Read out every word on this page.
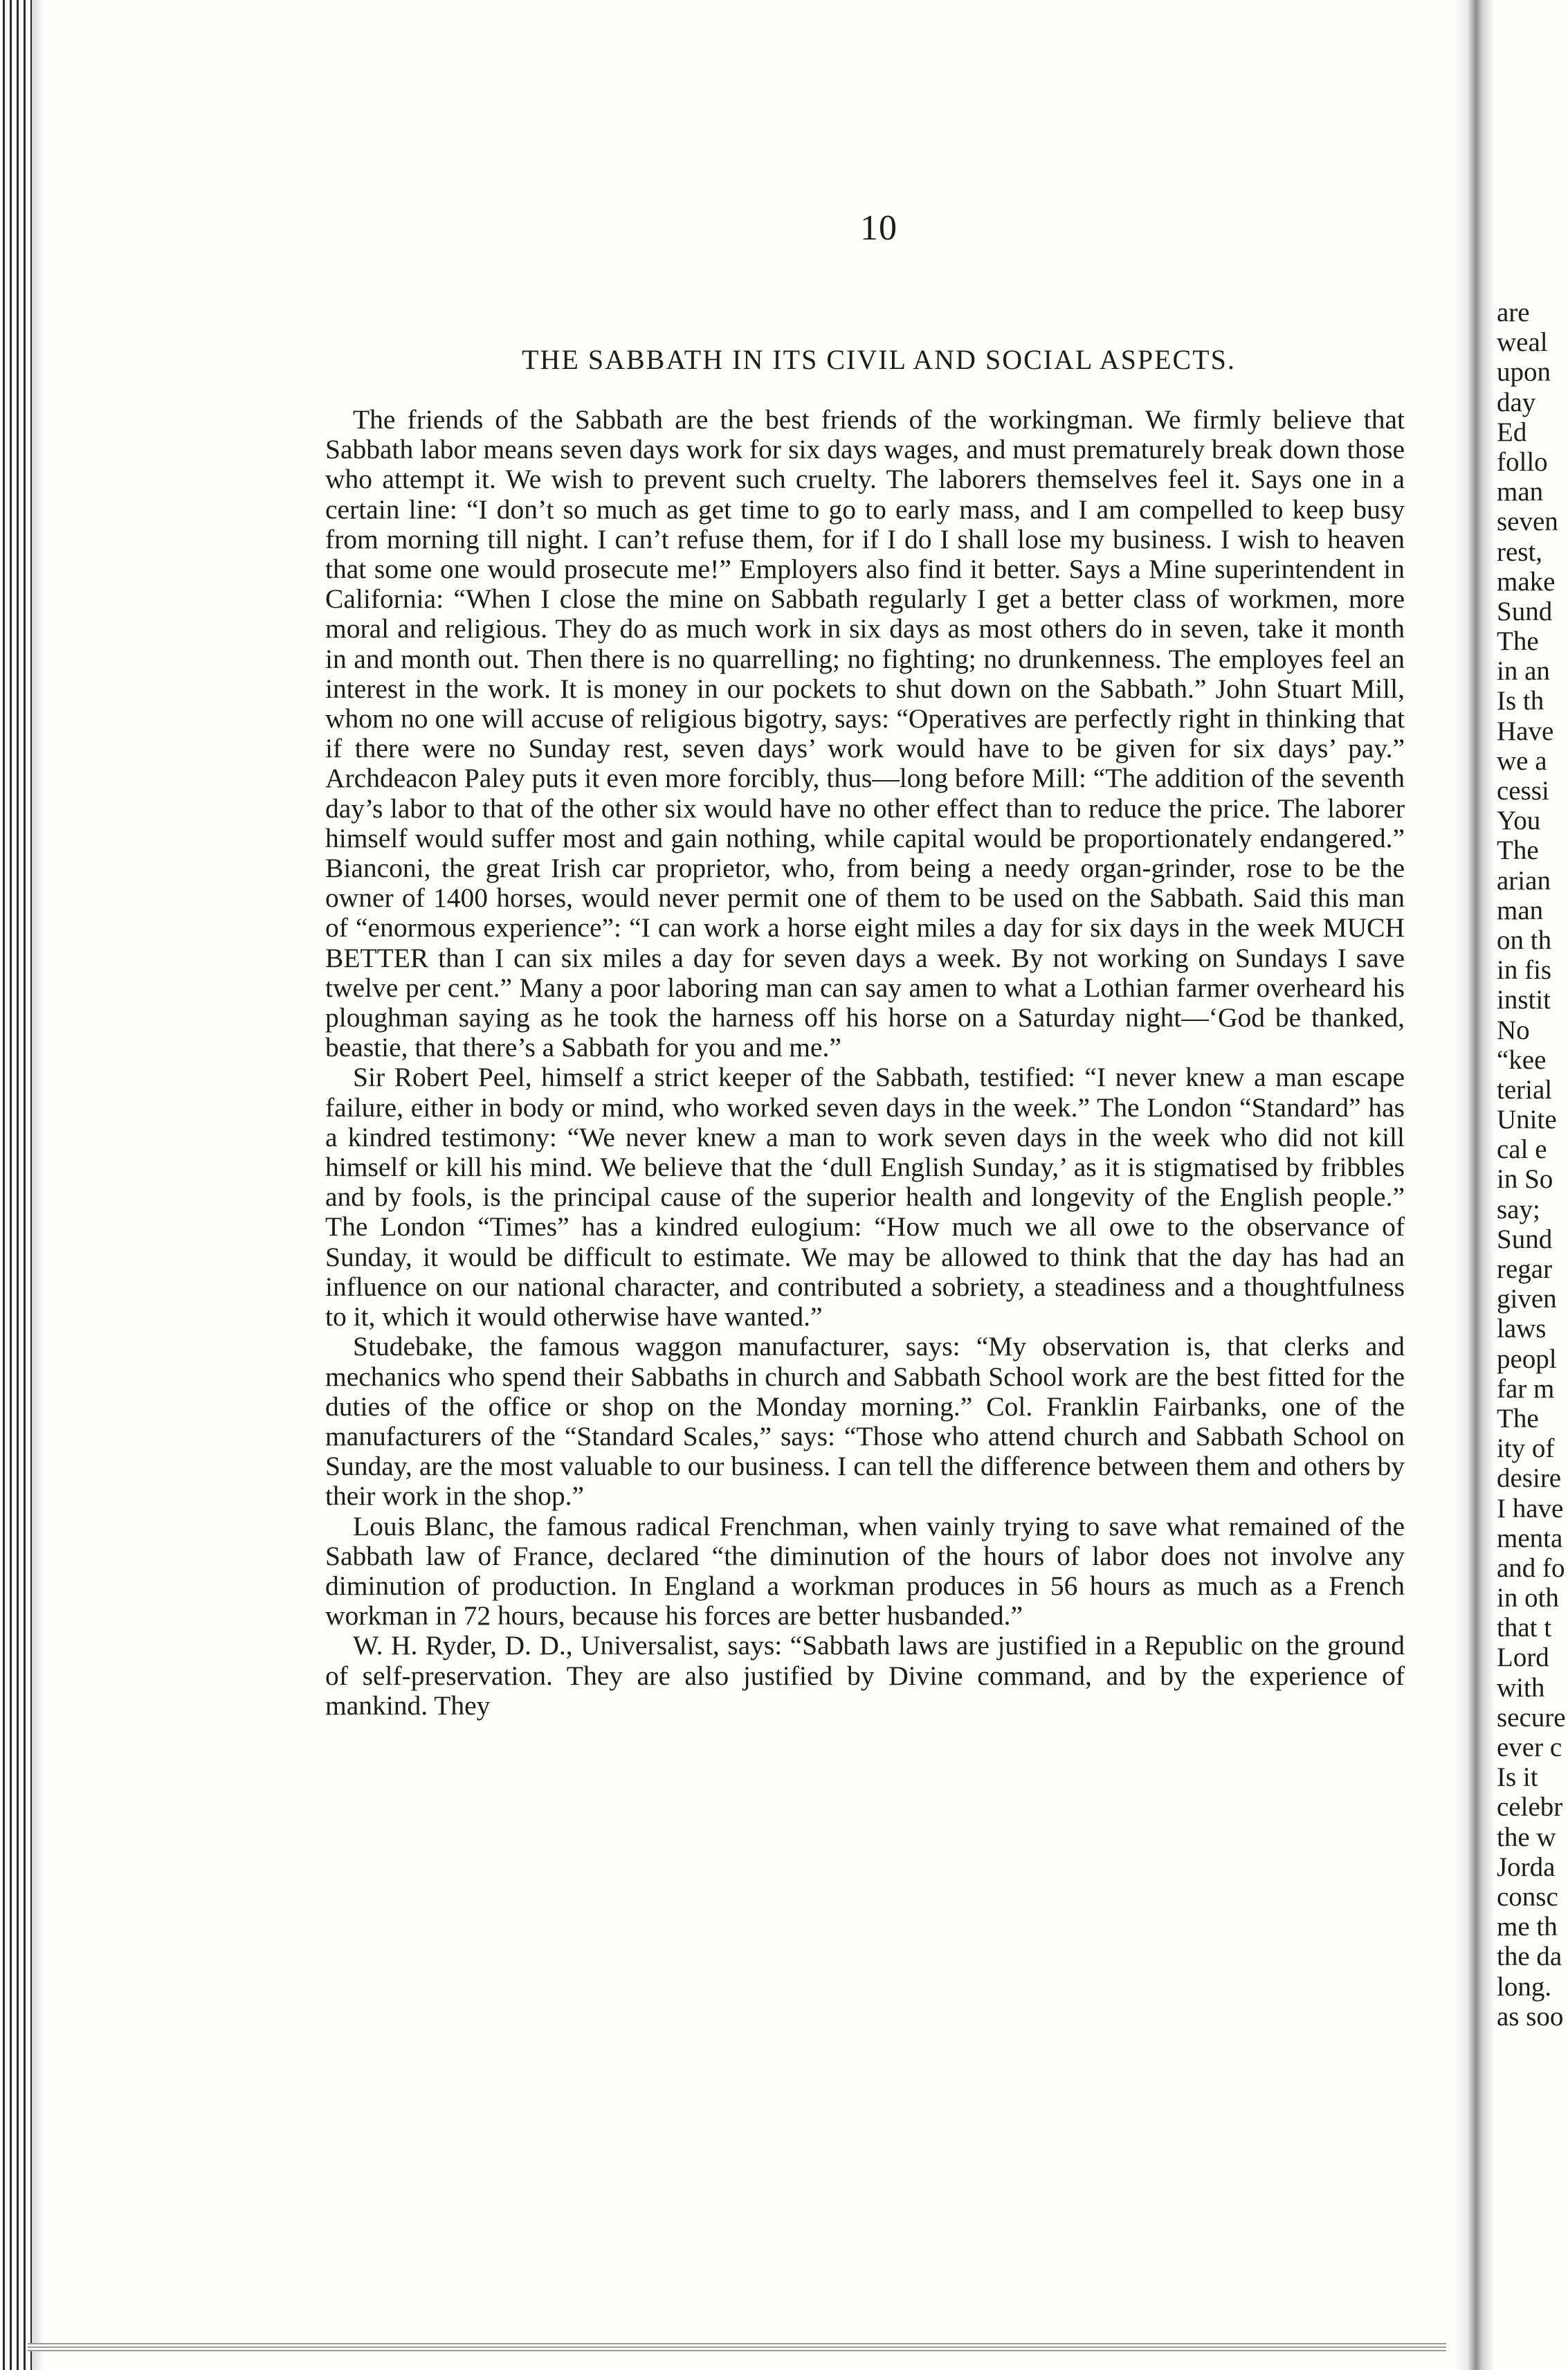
10
THE SABBATH IN ITS CIVIL AND SOCIAL ASPECTS.

The friends of the Sabbath are the best friends of the workingman. We firmly believe that Sabbath labor means seven days work for six days wages, and must prematurely break down those who attempt it. We wish to prevent such cruelty. The laborers themselves feel it. Says one in a certain line: “I don’t so much as get time to go to early mass, and I am compelled to keep busy from morning till night. I can’t refuse them, for if I do I shall lose my business. I wish to heaven that some one would prosecute me!” Employers also find it better. Says a Mine superintendent in California: “When I close the mine on Sabbath regularly I get a better class of workmen, more moral and religious. They do as much work in six days as most others do in seven, take it month in and month out. Then there is no quarrelling; no fighting; no drunkenness. The employes feel an interest in the work. It is money in our pockets to shut down on the Sabbath.” John Stuart Mill, whom no one will accuse of religious bigotry, says: “Operatives are perfectly right in thinking that if there were no Sunday rest, seven days’ work would have to be given for six days’ pay.” Archdeacon Paley puts it even more forcibly, thus—long before Mill: “The addition of the seventh day’s labor to that of the other six would have no other effect than to reduce the price. The laborer himself would suffer most and gain nothing, while capital would be proportionately endangered.” Bianconi, the great Irish car proprietor, who, from being a needy organ-grinder, rose to be the owner of 1400 horses, would never permit one of them to be used on the Sabbath. Said this man of “enormous experience”: “I can work a horse eight miles a day for six days in the week MUCH BETTER than I can six miles a day for seven days a week. By not working on Sundays I save twelve per cent.” Many a poor laboring man can say amen to what a Lothian farmer overheard his ploughman saying as he took the harness off his horse on a Saturday night—‘God be thanked, beastie, that there’s a Sabbath for you and me.”

Sir Robert Peel, himself a strict keeper of the Sabbath, testified: “I never knew a man escape failure, either in body or mind, who worked seven days in the week.” The London “Standard” has a kindred testimony: “We never knew a man to work seven days in the week who did not kill himself or kill his mind. We believe that the ‘dull English Sunday,’ as it is stigmatised by fribbles and by fools, is the principal cause of the superior health and longevity of the English people.” The London “Times” has a kindred eulogium: “How much we all owe to the observance of Sunday, it would be difficult to estimate. We may be allowed to think that the day has had an influence on our national character, and contributed a sobriety, a steadiness and a thoughtfulness to it, which it would otherwise have wanted.”

Studebake, the famous waggon manufacturer, says: “My observation is, that clerks and mechanics who spend their Sabbaths in church and Sabbath School work are the best fitted for the duties of the office or shop on the Monday morning.” Col. Franklin Fairbanks, one of the manufacturers of the “Standard Scales,” says: “Those who attend church and Sabbath School on Sunday, are the most valuable to our business. I can tell the difference between them and others by their work in the shop.”

Louis Blanc, the famous radical Frenchman, when vainly trying to save what remained of the Sabbath law of France, declared “the diminution of the hours of labor does not involve any diminution of production. In England a workman produces in 56 hours as much as a French workman in 72 hours, because his forces are better husbanded.”

W. H. Ryder, D. D., Universalist, says: “Sabbath laws are justified in a Republic on the ground of self-preservation. They are also justified by Divine command, and by the experience of mankind. They

are
weal
upon
day
Ed
follo
man
seven
rest,
make
Sund
The
in an
Is th
Have
we a
cessi
You
The
arian
man
on th
in fis
instit
No
“kee
terial
Unite
cal e
in So
say;
Sund
regar
given
laws
peopl
far m
The
ity of
desire
I have
menta
and fo
in oth
that t
Lord
with
secure
ever c
Is it
celebr
the w
Jorda
consc
me th
the da
long.
as soo
